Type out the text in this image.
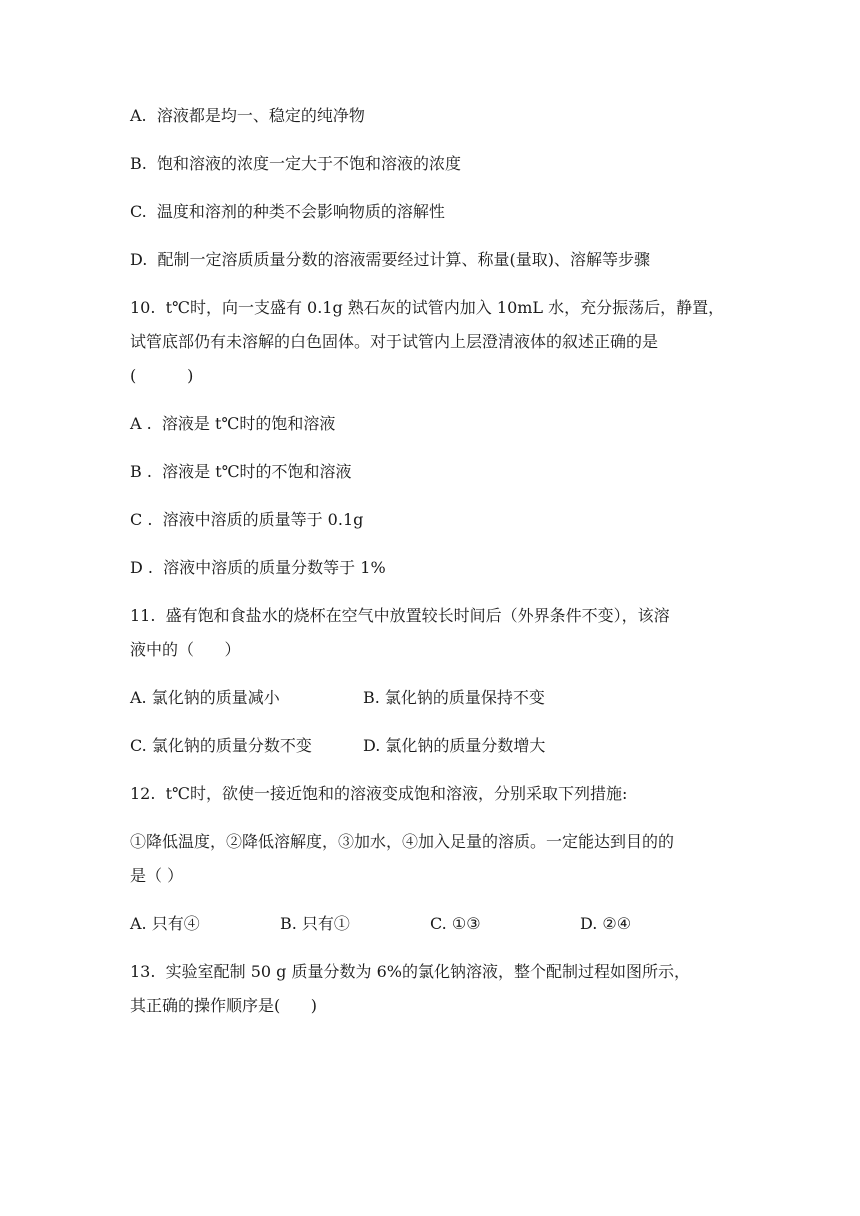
A.  溶液都是均一、稳定的纯净物
B.  饱和溶液的浓度一定大于不饱和溶液的浓度
C.  温度和溶剂的种类不会影响物质的溶解性
D.  配制一定溶质质量分数的溶液需要经过计算、称量(量取)、溶解等步骤
10.  t℃时，向一支盛有 0.1g 熟石灰的试管内加入 10mL 水，充分振荡后，静置，
试管底部仍有未溶解的白色固体。对于试管内上层澄清液体的叙述正确的是
(          )
A .  溶液是 t℃时的饱和溶液
B .  溶液是 t℃时的不饱和溶液
C .  溶液中溶质的质量等于 0.1g
D .  溶液中溶质的质量分数等于 1%
11.  盛有饱和食盐水的烧杯在空气中放置较长时间后（外界条件不变），该溶
液中的（      ）
A. 氯化钠的质量减小	B. 氯化钠的质量保持不变
C. 氯化钠的质量分数不变	D. 氯化钠的质量分数增大
12.  t℃时，欲使一接近饱和的溶液变成饱和溶液，分别采取下列措施:
①降低温度，②降低溶解度，③加水，④加入足量的溶质。一定能达到目的的
是（ ）
A. 只有④	B. 只有①	C. ①③	D. ②④
13.  实验室配制 50 g 质量分数为 6%的氯化钠溶液，整个配制过程如图所示，
其正确的操作顺序是(      )
